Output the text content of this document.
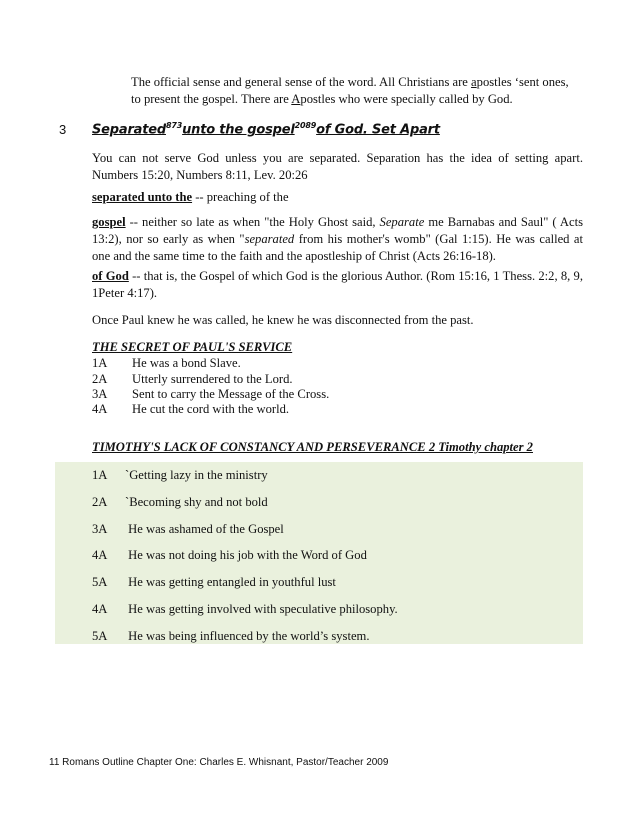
The official sense and general sense of the word. All Christians are apostles ‘sent ones,
to present the gospel. There are Apostles who were specially called by God.
3 Separated$^{873}$unto the gospel$^{2089}$of God. Set Apart
You can not serve God unless you are separated. Separation has the idea of setting apart. Numbers 15:20, Numbers 8:11, Lev. 20:26
separated unto the -- preaching of the
gospel -- neither so late as when "the Holy Ghost said, Separate me Barnabas and Saul" ( Acts 13:2), nor so early as when "separated from his mother's womb" (Gal 1:15). He was called at one and the same time to the faith and the apostleship of Christ (Acts 26:16-18).
of God -- that is, the Gospel of which God is the glorious Author. (Rom 15:16, 1 Thess. 2:2, 8, 9, 1Peter 4:17).
Once Paul knew he was called, he knew he was disconnected from the past.
THE SECRET OF PAUL'S SERVICE
1A He was a bond Slave.
2A Utterly surrendered to the Lord.
3A Sent to carry the Message of the Cross.
4A He cut the cord with the world.
TIMOTHY'S LACK OF CONSTANCY AND PERSEVERANCE 2 Timothy chapter 2
1A `Getting lazy in the ministry
2A `Becoming shy and not bold
3A He was ashamed of the Gospel
4A He was not doing his job with the Word of God
5A He was getting entangled in youthful lust
4A He was getting involved with speculative philosophy.
5A He was being influenced by the world’s system.
11 Romans Outline Chapter One: Charles E. Whisnant, Pastor/Teacher 2009
